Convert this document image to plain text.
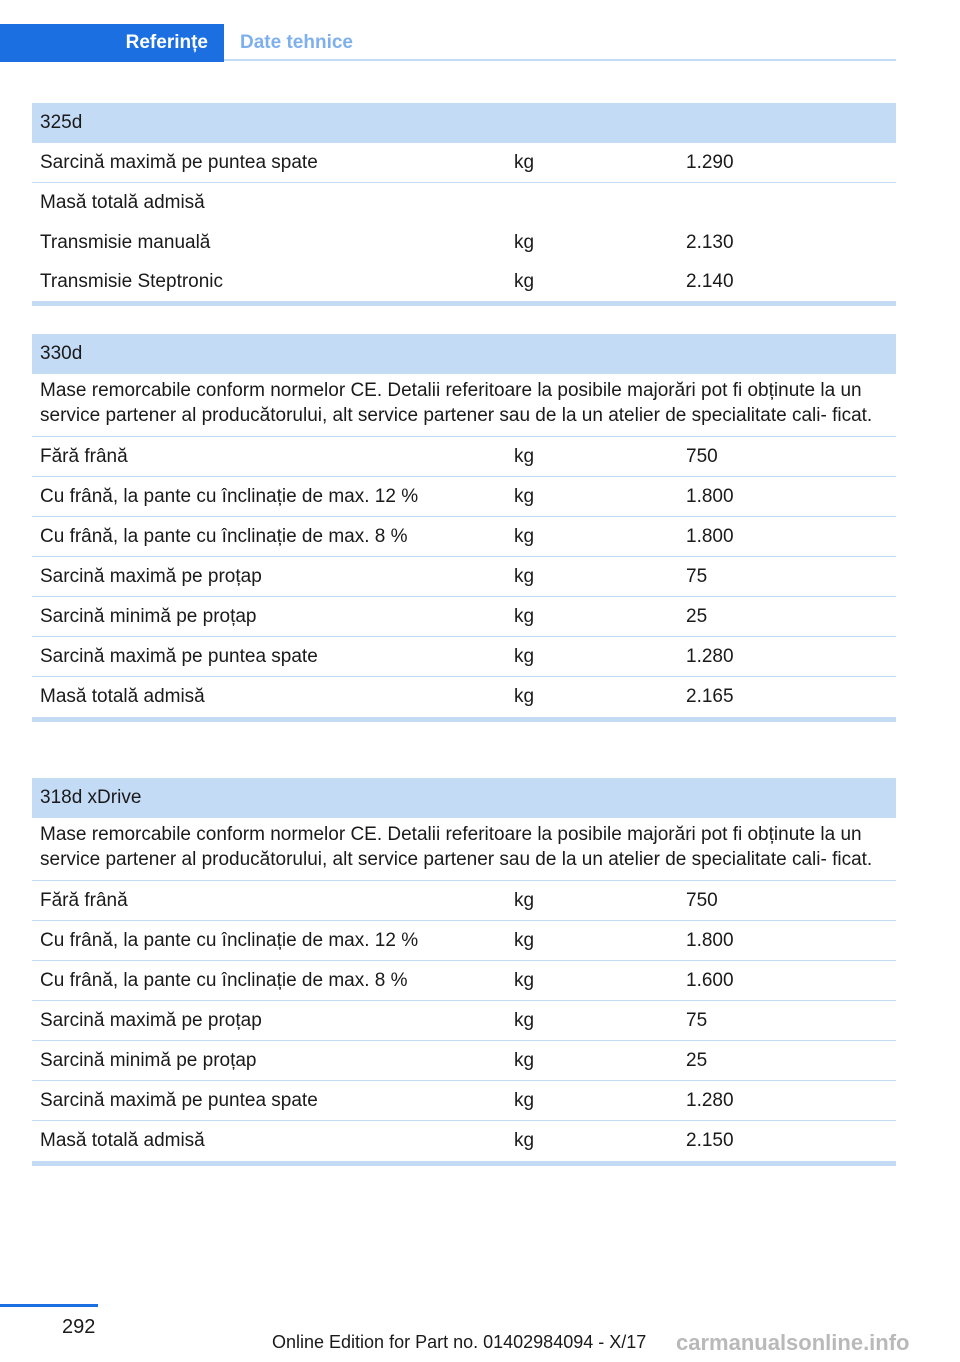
Referințe	Date tehnice
325d
Sarcină maximă pe puntea spate	kg	1.290
Masă totală admisă
Transmisie manuală	kg	2.130
Transmisie Steptronic	kg	2.140
330d
Mase remorcabile conform normelor CE. Detalii referitoare la posibile majorări pot fi obținute la un service partener al producătorului, alt service partener sau de la un atelier de specialitate cali- ficat.
Fără frână	kg	750
Cu frână, la pante cu înclinație de max. 12 %	kg	1.800
Cu frână, la pante cu înclinație de max. 8 %	kg	1.800
Sarcină maximă pe proțap	kg	75
Sarcină minimă pe proțap	kg	25
Sarcină maximă pe puntea spate	kg	1.280
Masă totală admisă	kg	2.165
318d xDrive
Mase remorcabile conform normelor CE. Detalii referitoare la posibile majorări pot fi obținute la un service partener al producătorului, alt service partener sau de la un atelier de specialitate cali- ficat.
Fără frână	kg	750
Cu frână, la pante cu înclinație de max. 12 %	kg	1.800
Cu frână, la pante cu înclinație de max. 8 %	kg	1.600
Sarcină maximă pe proțap	kg	75
Sarcină minimă pe proțap	kg	25
Sarcină maximă pe puntea spate	kg	1.280
Masă totală admisă	kg	2.150
292
Online Edition for Part no. 01402984094 - X/17 carmanualsonline.info
